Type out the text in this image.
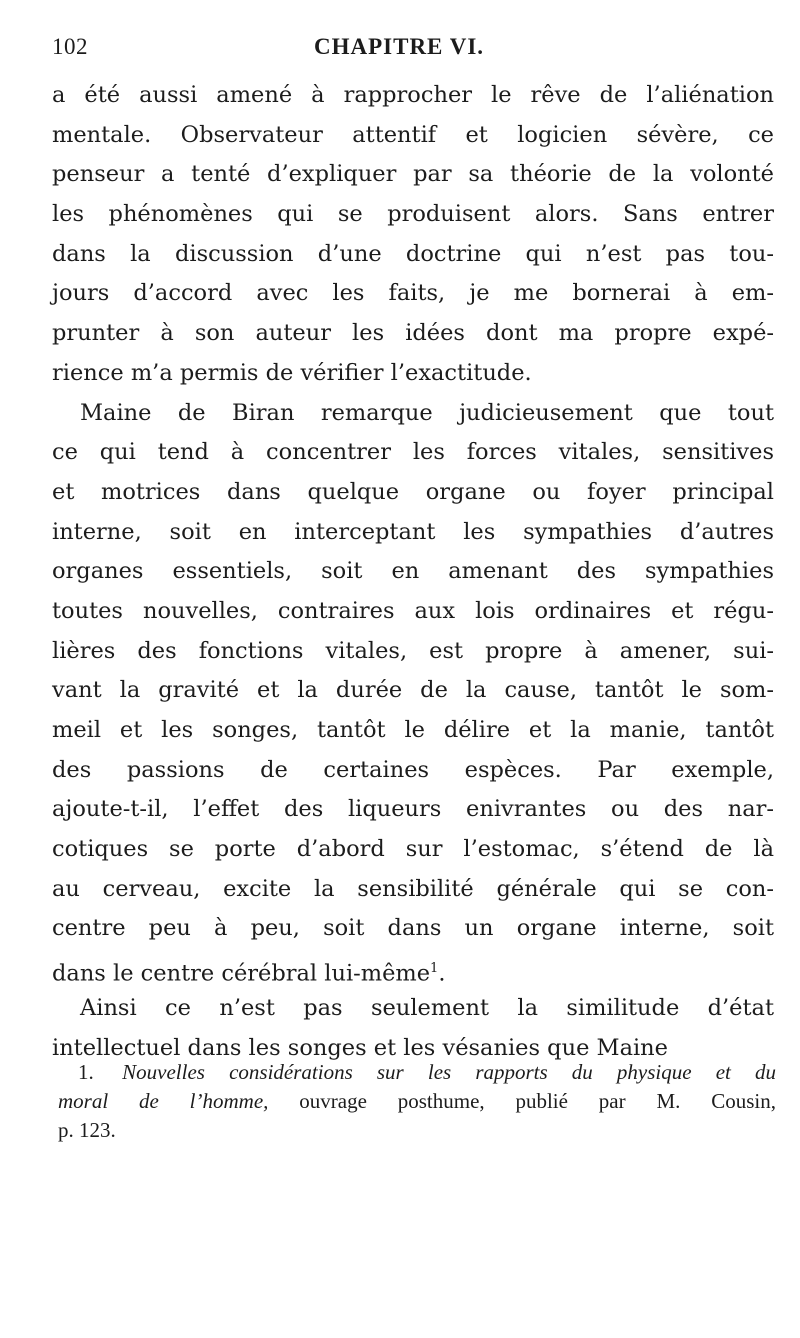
102	CHAPITRE VI.
a été aussi amené à rapprocher le rêve de l’aliénation
mentale. Observateur attentif et logicien sévère, ce
penseur a tenté d’expliquer par sa théorie de la volonté
les phénomènes qui se produisent alors. Sans entrer
dans la discussion d’une doctrine qui n’est pas tou-
jours d’accord avec les faits, je me bornerai à em-
prunter à son auteur les idées dont ma propre expé-
rience m’a permis de vérifier l’exactitude.
Maine de Biran remarque judicieusement que tout
ce qui tend à concentrer les forces vitales, sensitives
et motrices dans quelque organe ou foyer principal
interne, soit en interceptant les sympathies d’autres
organes essentiels, soit en amenant des sympathies
toutes nouvelles, contraires aux lois ordinaires et régu-
lières des fonctions vitales, est propre à amener, sui-
vant la gravité et la durée de la cause, tantôt le som-
meil et les songes, tantôt le délire et la manie, tantôt
des passions de certaines espèces. Par exemple,
ajoute-t-il, l’effet des liqueurs enivrantes ou des nar-
cotiques se porte d’abord sur l’estomac, s’étend de là
au cerveau, excite la sensibilité générale qui se con-
centre peu à peu, soit dans un organe interne, soit
dans le centre cérébral lui-même$^1$.
Ainsi ce n’est pas seulement la similitude d’état
intellectuel dans les songes et les vésanies que Maine
1. Nouvelles considérations sur les rapports du physique et du
moral de l’homme, ouvrage posthume, publié par M. Cousin,
p. 123.
